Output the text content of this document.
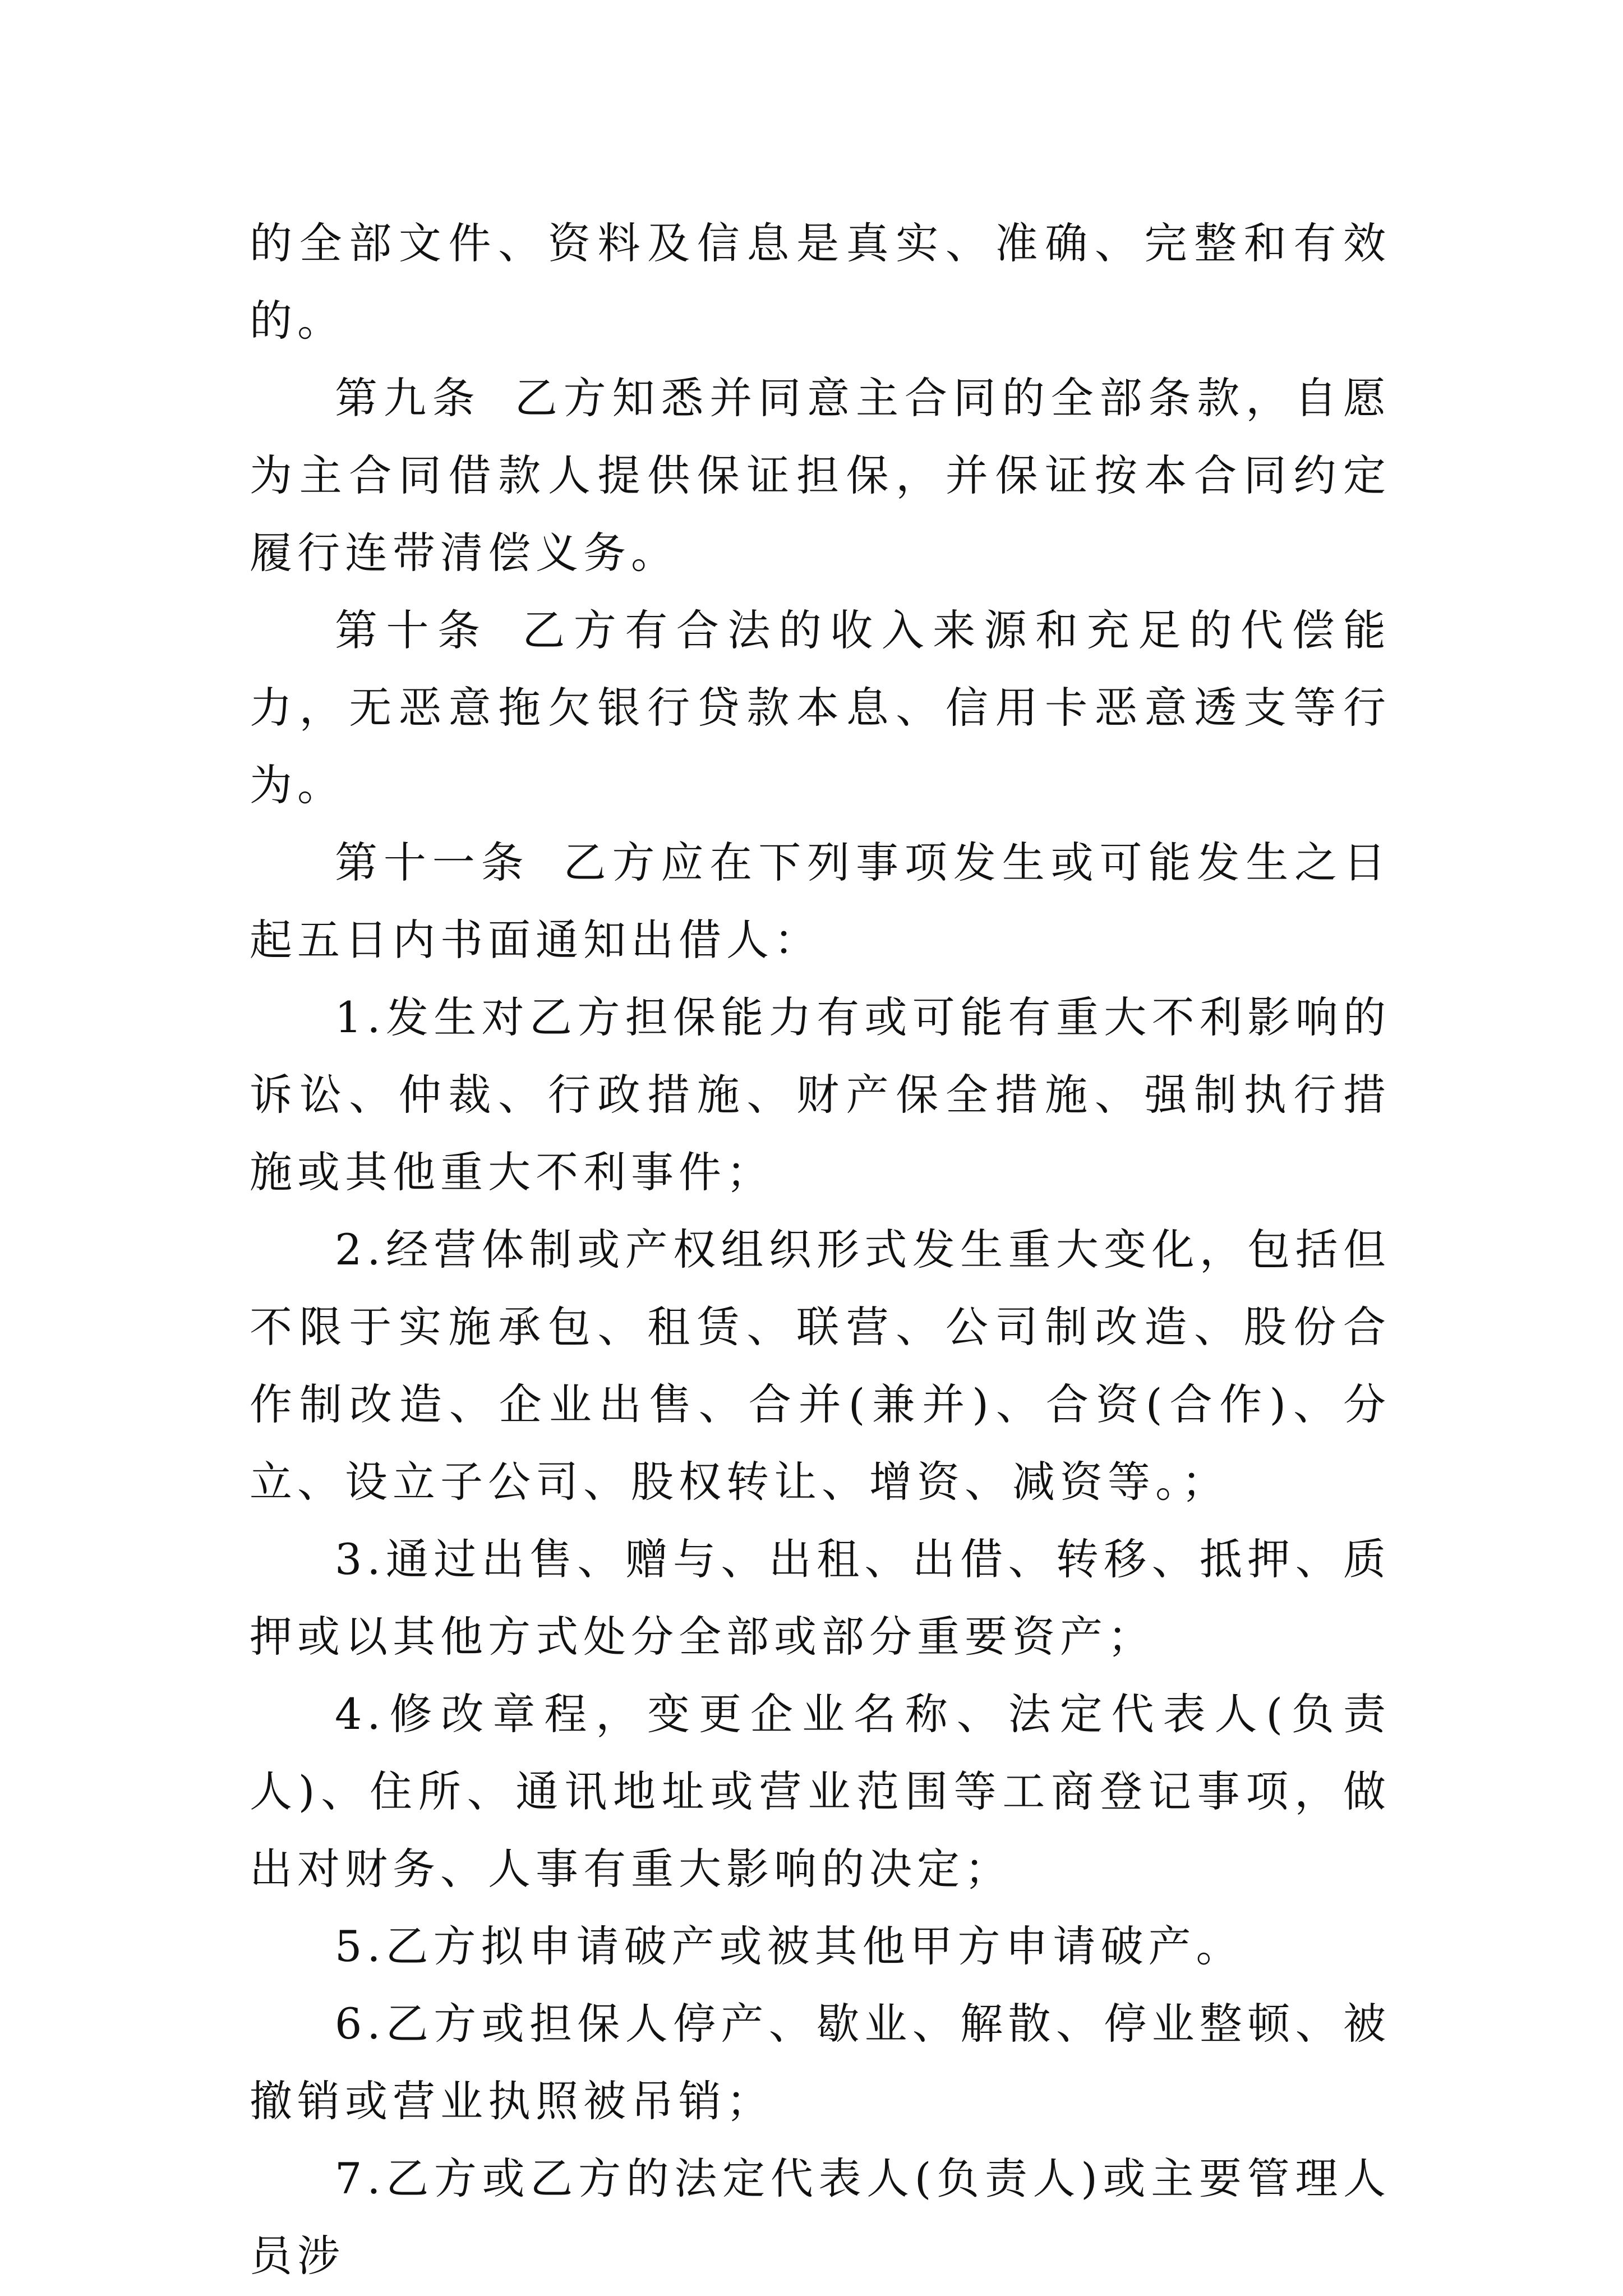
的全部文件、资料及信息是真实、准确、完整和有效的。

第九条 乙方知悉并同意主合同的全部条款，自愿为主合同借款人提供保证担保，并保证按本合同约定履行连带清偿义务。

第十条 乙方有合法的收入来源和充足的代偿能力，无恶意拖欠银行贷款本息、信用卡恶意透支等行为。

第十一条 乙方应在下列事项发生或可能发生之日起五日内书面通知出借人：

1.发生对乙方担保能力有或可能有重大不利影响的诉讼、仲裁、行政措施、财产保全措施、强制执行措施或其他重大不利事件；

2.经营体制或产权组织形式发生重大变化，包括但不限于实施承包、租赁、联营、公司制改造、股份合作制改造、企业出售、合并(兼并)、合资(合作)、分立、设立子公司、股权转让、增资、减资等。；

3.通过出售、赠与、出租、出借、转移、抵押、质押或以其他方式处分全部或部分重要资产；

4.修改章程，变更企业名称、法定代表人(负责人)、住所、通讯地址或营业范围等工商登记事项，做出对财务、人事有重大影响的决定；

5.乙方拟申请破产或被其他甲方申请破产。

6.乙方或担保人停产、歇业、解散、停业整顿、被撤销或营业执照被吊销；

7.乙方或乙方的法定代表人(负责人)或主要管理人员涉
